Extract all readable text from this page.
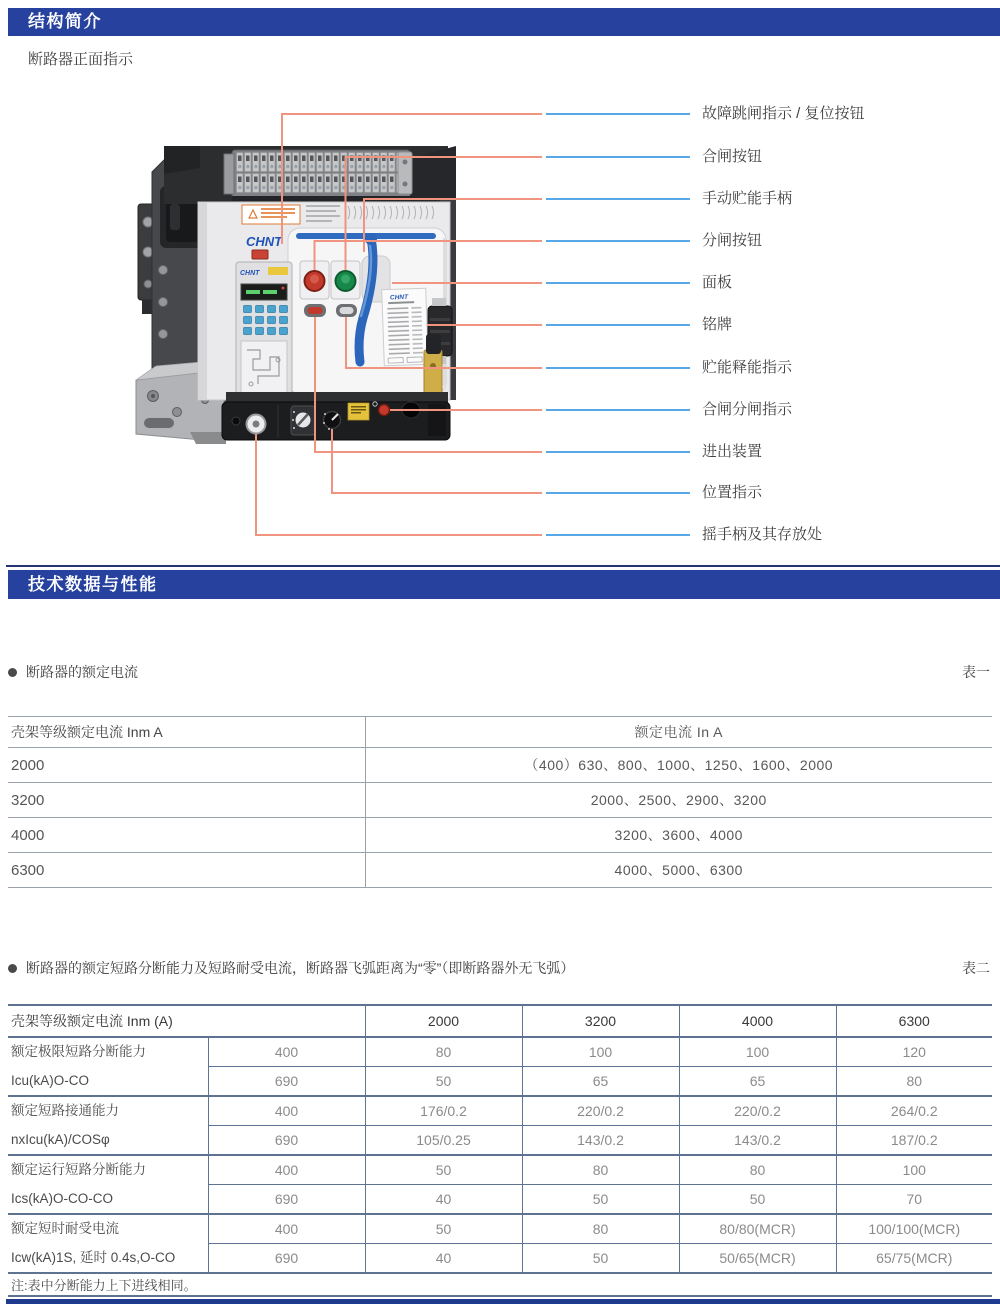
结构简介
断路器正面指示
CHNT
CHNT
CHNT
故障跳闸指示 / 复位按钮
合闸按钮
手动贮能手柄
分闸按钮
面板
铭牌
贮能释能指示
合闸分闸指示
进出装置
位置指示
摇手柄及其存放处
技术数据与性能
断路器的额定电流	表一
壳架等级额定电流 Inm A	额定电流 In A
2000	（400）630、800、1000、1250、1600、2000
3200	2000、2500、2900、3200
4000	3200、3600、4000
6300	4000、5000、6300
断路器的额定短路分断能力及短路耐受电流，断路器飞弧距离为“零”（即断路器外无飞弧）	表二
壳架等级额定电流 Inm (A)		2000	3200	4000	6300

额定极限短路分断能力
Icu(kA)O-CO	400	80	100	100	120
	690	50	65	65	80

额定短路接通能力
nxIcu(kA)/COSφ	400	176/0.2	220/0.2	220/0.2	264/0.2
	690	105/0.25	143/0.2	143/0.2	187/0.2

额定运行短路分断能力
Ics(kA)O-CO-CO	400	50	80	80	100
	690	40	50	50	70

额定短时耐受电流
Icw(kA)1S, 延时 0.4s,O-CO	400	50	80	80/80(MCR)	100/100(MCR)
	690	40	50	50/65(MCR)	65/75(MCR)
注:表中分断能力上下进线相同。					
